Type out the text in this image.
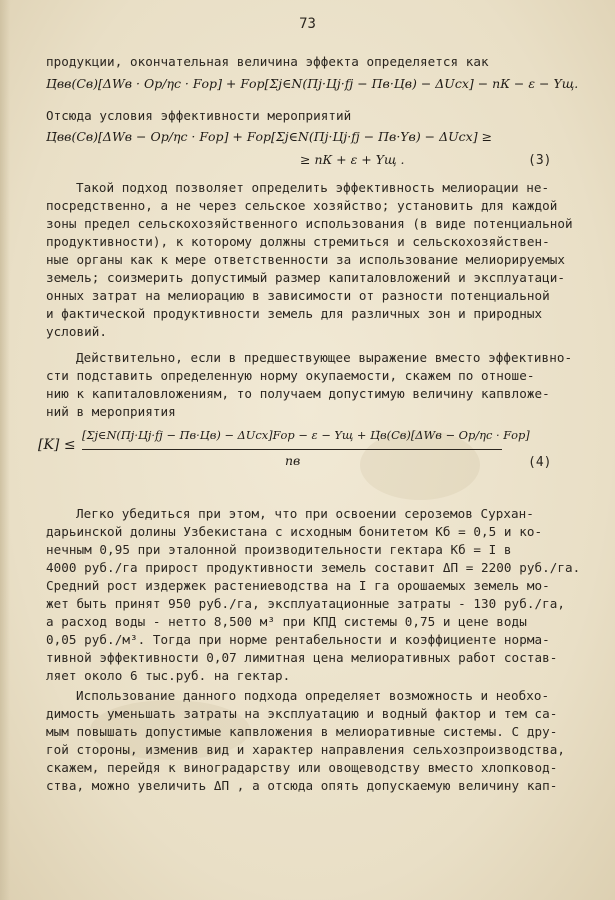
73
продукции, окончательная величина эффекта определяется как
Ц̄вв(Св)[ΔWв · Oр/ηс · Fор] + Fор[Σj∈N(Пj·Цj·fj − Пв·Цв) − ΔUсх] − пК − ε − Yщ.
Отсюда условия эффективности мероприятий
Ц̄вв(Св)[ΔWв − Oр/ηс · Fор] + Fор[Σj∈N(Пj·Цj·fj − Пв·Yв) − ΔUсх] ≥
≥ пК + ε + Yщ .	(3)
Такой подход позволяет определить эффективность мелиорации не-
посредственно, а не через сельское хозяйство; установить для каждой
зоны предел сельскохозяйственного использования (в виде потенциальной
продуктивности), к которому должны стремиться и сельскохозяйствен-
ные органы как к мере ответственности за использование мелиорируемых
земель; соизмерить допустимый размер капиталовложений и эксплуатаци-
онных затрат на мелиорацию в зависимости от разности потенциальной
и фактической продуктивности земель для различных зон и природных
условий.
Действительно, если в предшествующее выражение вместо эффективно-
сти подставить определенную норму окупаемости, скажем по отноше-
нию к капиталовложениям, то получаем допустимую величину капвложе-
ний в мероприятия
[K] ≤
[Σj∈N(Пj·Цj·fj − Пв·Цв) − ΔUсх]Fор − ε − Yщ + Ц̄в(Св)[ΔWв − Oр/ηс · Fор]
пв	(4)
Легко убедиться при этом, что при освоении сероземов Сурхан-
дарьинской долины Узбекистана с исходным бонитетом Kб = 0,5 и ко-
нечным 0,95 при эталонной производительности гектара Kб = I в
4000 руб./га прирост продуктивности земель составит ΔП = 2200 руб./га.
Средний рост издержек растениеводства на I га орошаемых земель мо-
жет быть принят 950 руб./га, эксплуатационные затраты - 130 руб./га,
а расход воды - нетто 8,500 м³ при КПД системы 0,75 и цене воды
0,05 руб./м³. Тогда при норме рентабельности и коэффициенте норма-
тивной эффективности 0,07 лимитная цена мелиоративных работ состав-
ляет около 6 тыс.руб. на гектар.
Использование данного подхода определяет возможность и необхо-
димость уменьшать затраты на эксплуатацию и водный фактор и тем са-
мым повышать допустимые капвложения в мелиоративные системы. С дру-
гой стороны, изменив вид и характер направления сельхозпроизводства,
скажем, перейдя к виноградарству или овощеводству вместо хлопковод-
ства, можно увеличить ΔП , а отсюда опять допускаемую величину кап-
